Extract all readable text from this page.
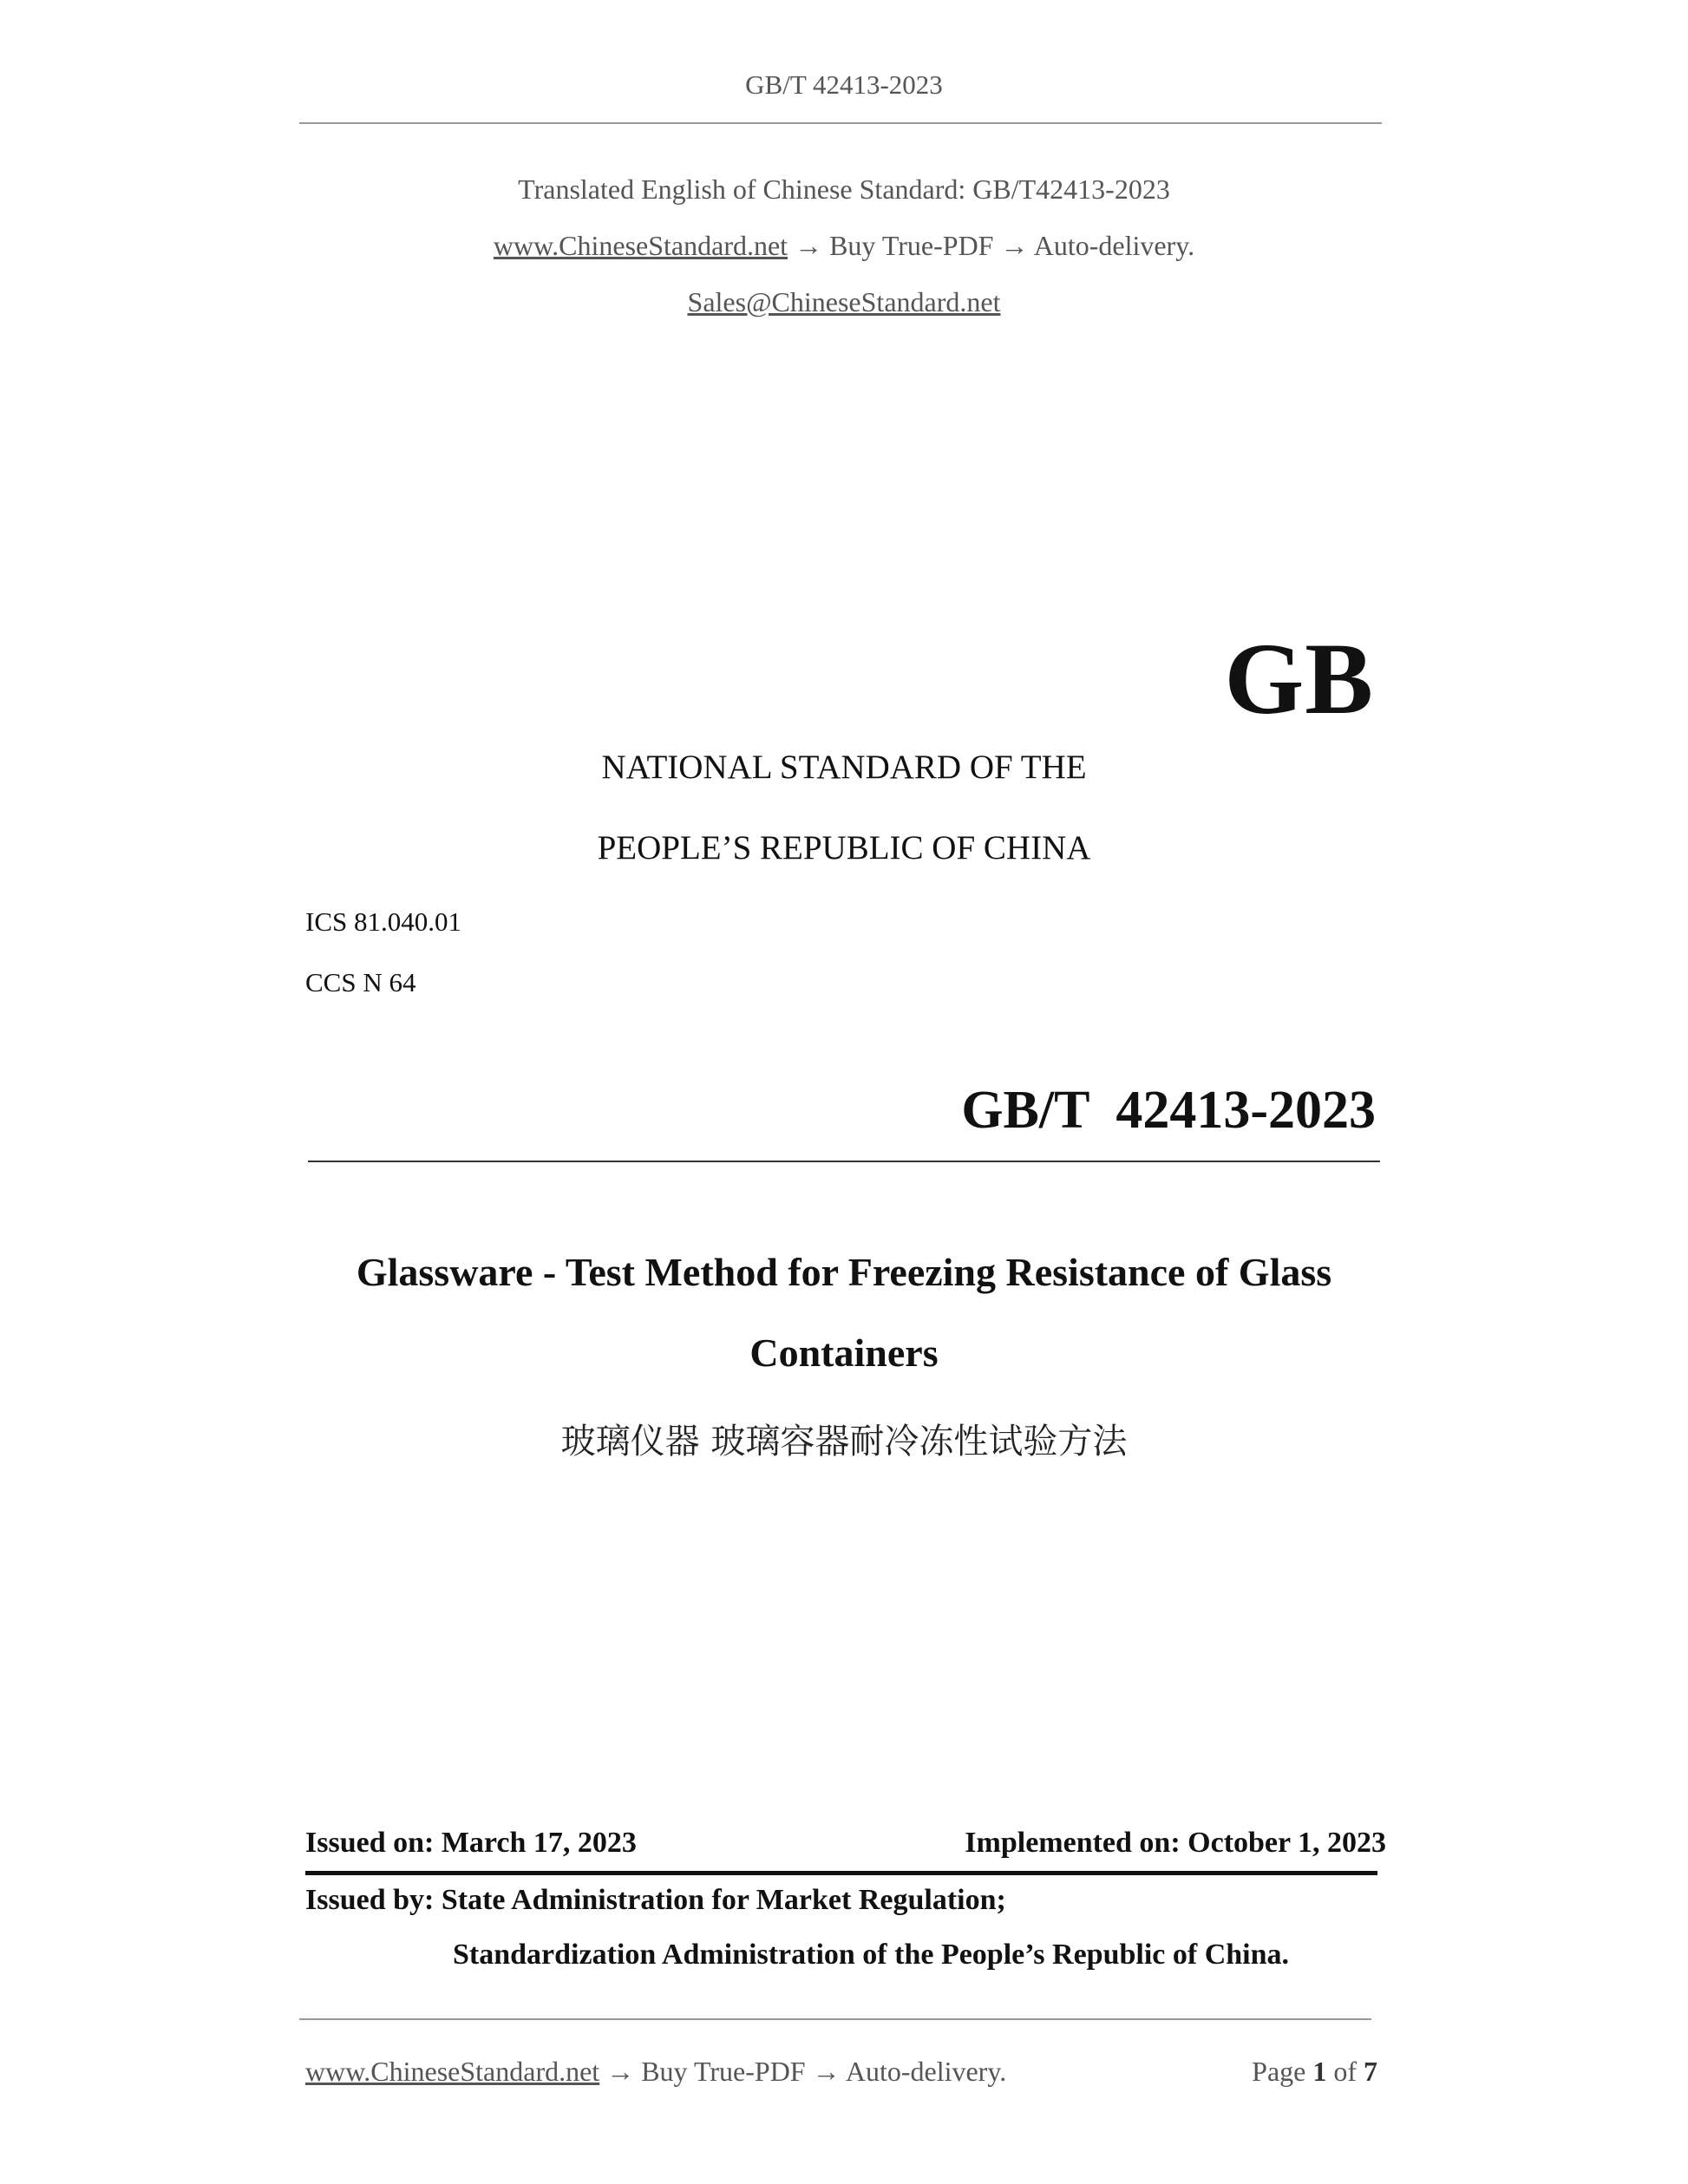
GB/T 42413-2023
Translated English of Chinese Standard: GB/T42413-2023
www.ChineseStandard.net → Buy True-PDF → Auto-delivery.
Sales@ChineseStandard.net
GB
NATIONAL STANDARD OF THE
PEOPLE’S REPUBLIC OF CHINA
ICS 81.040.01
CCS N 64
GB/T  42413-2023
Glassware - Test Method for Freezing Resistance of Glass
Containers
玻璃仪器 玻璃容器耐冷冻性试验方法
Issued on: March 17, 2023	Implemented on: October 1, 2023
Issued by: State Administration for Market Regulation;
Standardization Administration of the People’s Republic of China.
www.ChineseStandard.net → Buy True-PDF → Auto-delivery.	Page 1 of 7
